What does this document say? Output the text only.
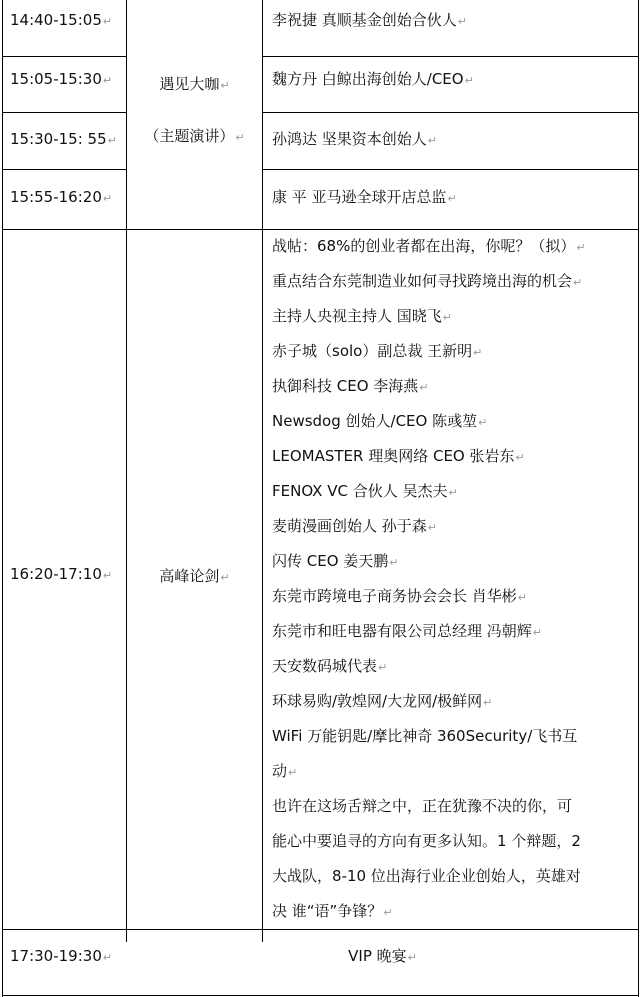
14:40-15:05↵
15:05-15:30↵
15:30-15: 55↵
15:55-16:20↵
遇见大咖↵
（主题演讲）↵
李祝捷 真顺基金创始合伙人↵
魏方丹 白鲸出海创始人/CEO↵
孙鸿达 坚果资本创始人↵
康 平 亚马逊全球开店总监↵
16:20-17:10↵	高峰论剑↵
战帖：68%的创业者都在出海，你呢？（拟）↵
重点结合东莞制造业如何寻找跨境出海的机会↵
主持人央视主持人 国晓飞↵
赤子城（solo）副总裁 王新明↵
执御科技 CEO 李海燕↵
Newsdog 创始人/CEO 陈彧堃↵
LEOMASTER 理奥网络 CEO 张岩东↵
FENOX VC 合伙人 吴杰夫↵
麦萌漫画创始人 孙于森↵
闪传 CEO 姜天鹏↵
东莞市跨境电子商务协会会长 肖华彬↵
东莞市和旺电器有限公司总经理 冯朝辉↵
天安数码城代表↵
环球易购/敦煌网/大龙网/极鲜网↵
WiFi 万能钥匙/摩比神奇 360Security/飞书互
动↵
也许在这场舌辩之中，正在犹豫不决的你，可
能心中要追寻的方向有更多认知。1 个辩题，2
大战队，8-10 位出海行业企业创始人，英雄对
决 谁“语”争锋？↵
17:30-19:30↵	VIP 晚宴↵
